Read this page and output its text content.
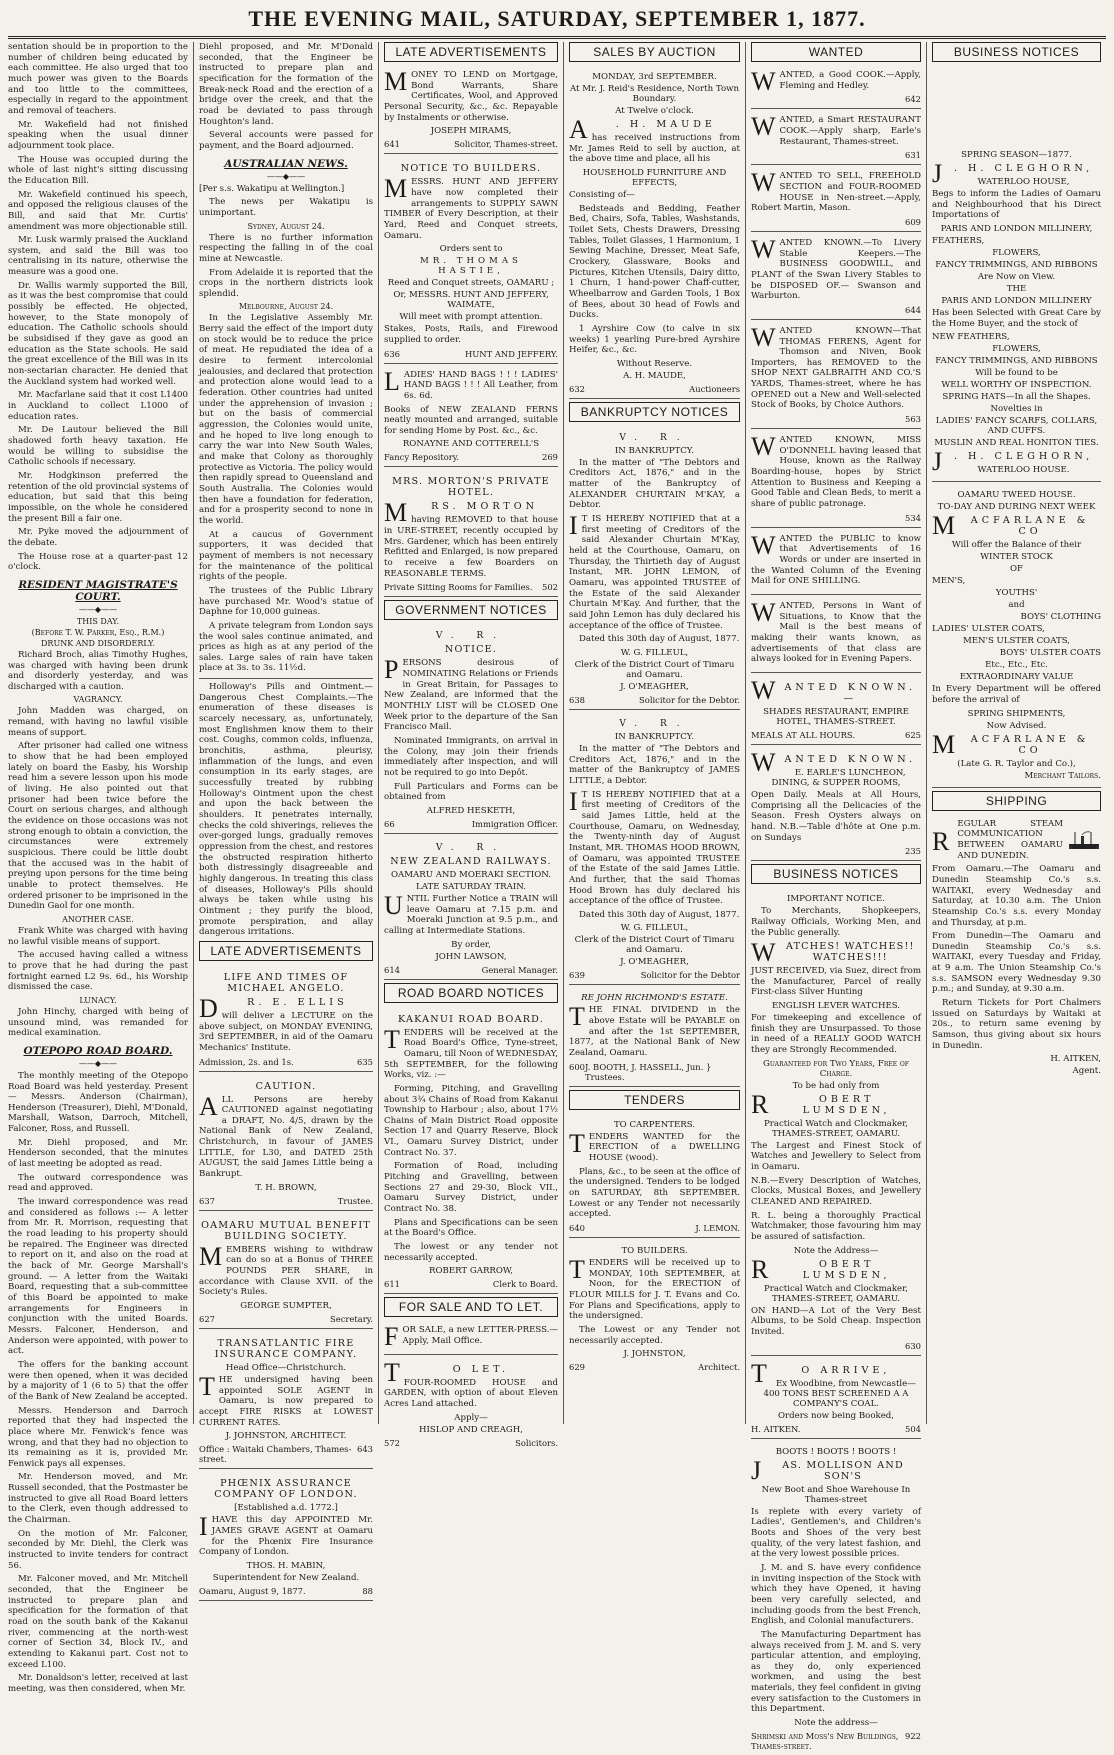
THE EVENING MAIL, SATURDAY, SEPTEMBER 1, 1877.

sentation should be in proportion to the number of children being educated by each committee. He also urged that too much power was given to the Boards and too little to the committees, especially in regard to the appointment and removal of teachers.

Mr. Wakefield had not finished speaking when the usual dinner adjournment took place.

The House was occupied during the whole of last night's sitting discussing the Education Bill.

Mr. Wakefield continued his speech, and opposed the religious clauses of the Bill, and said that Mr. Curtis' amendment was more objectionable still.

Mr. Lusk warmly praised the Auckland system, and said the Bill was too centralising in its nature, otherwise the measure was a good one.

Dr. Wallis warmly supported the Bill, as it was the best compromise that could possibly be effected. He objected, however, to the State monopoly of education. The Catholic schools should be subsidised if they gave as good an education as the State schools. He said the great excellence of the Bill was in its non-sectarian character. He denied that the Auckland system had worked well.

Mr. Macfarlane said that it cost L1400 in Auckland to collect L1000 of education rates.

Mr. De Lautour believed the Bill shadowed forth heavy taxation. He would be willing to subsidise the Catholic schools if necessary.

Mr. Hodgkinson preferred the retention of the old provincial systems of education, but said that this being impossible, on the whole he considered the present Bill a fair one.

Mr. Pyke moved the adjournment of the debate.

The House rose at a quarter-past 12 o'clock.

RESIDENT MAGISTRATE'S COURT.
——◆——
THIS DAY.
(Before T. W. Parker, Esq., R.M.)
DRUNK AND DISORDERLY.

Richard Broch, alias Timothy Hughes, was charged with having been drunk and disorderly yesterday, and was discharged with a caution.

VAGRANCY.

John Madden was charged, on remand, with having no lawful visible means of support.

After prisoner had called one witness to show that he had been employed lately on board the Easby, his Worship read him a severe lesson upon his mode of living. He also pointed out that prisoner had been twice before the Court on serious charges, and although the evidence on those occasions was not strong enough to obtain a conviction, the circumstances were extremely suspicious. There could be little doubt that the accused was in the habit of preying upon persons for the time being unable to protect themselves. He ordered prisoner to be imprisoned in the Dunedin Gaol for one month.

ANOTHER CASE.

Frank White was charged with having no lawful visible means of support.

The accused having called a witness to prove that he had during the past fortnight earned L2 9s. 6d., his Worship dismissed the case.

LUNACY.

John Hinchy, charged with being of unsound mind, was remanded for medical examination.

OTEPOPO ROAD BOARD.
——◆——

The monthly meeting of the Otepopo Road Board was held yesterday. Present — Messrs. Anderson (Chairman), Henderson (Treasurer), Diehl, M'Donald, Marshall, Watson, Darroch, Mitchell, Falconer, Ross, and Russell.

Mr. Diehl proposed, and Mr. Henderson seconded, that the minutes of last meeting be adopted as read.

The outward correspondence was read and approved.

The inward correspondence was read and considered as follows :— A letter from Mr. R. Morrison, requesting that the road leading to his property should be repaired. The Engineer was directed to report on it, and also on the road at the back of Mr. George Marshall's ground. — A letter from the Waitaki Board, requesting that a sub-committee of this Board be appointed to make arrangements for Engineers in conjunction with the united Boards. Messrs. Falconer, Henderson, and Anderson were appointed, with power to act.

The offers for the banking account were then opened, when it was decided by a majority of 1 (6 to 5) that the offer of the Bank of New Zealand be accepted.

Messrs. Henderson and Darroch reported that they had inspected the place where Mr. Fenwick's fence was wrong, and that they had no objection to its remaining as it is, provided Mr. Fenwick pays all expenses.

Mr. Henderson moved, and Mr. Russell seconded, that the Postmaster be instructed to give all Road Board letters to the Clerk, even though addressed to the Chairman.

On the motion of Mr. Falconer, seconded by Mr. Diehl, the Clerk was instructed to invite tenders for contract 56.

Mr. Falconer moved, and Mr. Mitchell seconded, that the Engineer be instructed to prepare plan and specification for the formation of that road on the south bank of the Kakanui river, commencing at the north-west corner of Section 34, Block IV., and extending to Kakanui part. Cost not to exceed L100.

Mr. Donaldson's letter, received at last meeting, was then considered, when Mr.

Diehl proposed, and Mr. M'Donald seconded, that the Engineer be instructed to prepare plan and specification for the formation of the Break-neck Road and the erection of a bridge over the creek, and that the road be deviated to pass through Houghton's land.

Several accounts were passed for payment, and the Board adjourned.

AUSTRALIAN NEWS.
——◆——

[Per s.s. Wakatipu at Wellington.]

The news per Wakatipu is unimportant.

Sydney, August 24.

There is no further information respecting the falling in of the coal mine at Newcastle.

From Adelaide it is reported that the crops in the northern districts look splendid.

Melbourne, August 24.

In the Legislative Assembly Mr. Berry said the effect of the import duty on stock would be to reduce the price of meat. He repudiated the idea of a desire to ferment intercolonial jealousies, and declared that protection and protection alone would lead to a federation. Other countries had united under the apprehension of invasion ; but on the basis of commercial aggression, the Colonies would unite, and he hoped to live long enough to carry the war into New South Wales, and make that Colony as thoroughly protective as Victoria. The policy would then rapidly spread to Queensland and South Australia. The Colonies would then have a foundation for federation, and for a prosperity second to none in the world.

At a caucus of Government supporters, it was decided that payment of members is not necessary for the maintenance of the political rights of the people.

The trustees of the Public Library have purchased Mr. Wood's statue of Daphne for 10,000 guineas.

A private telegram from London says the wool sales continue animated, and prices as high as at any period of the sales. Large sales of rain have taken place at 3s. to 3s. 11½d.

Holloway's Pills and Ointment.—Dangerous Chest Complaints.—The enumeration of these diseases is scarcely necessary, as, unfortunately, most Englishmen know them to their cost. Coughs, common colds, influenza, bronchitis, asthma, pleurisy, inflammation of the lungs, and even consumption in its early stages, are successfully treated by rubbing Holloway's Ointment upon the chest and upon the back between the shoulders. It penetrates internally, checks the cold shiverings, relieves the over-gorged lungs, gradually removes oppression from the chest, and restores the obstructed respiration hitherto both distressingly disagreeable and highly dangerous. In treating this class of diseases, Holloway's Pills should always be taken while using his Ointment ; they purify the blood, promote perspiration, and allay dangerous irritations.

LATE ADVERTISEMENTS
LIFE AND TIMES OF MICHAEL ANGELO.
D	R. E. ELLIS

will deliver a LECTURE on the above subject, on MONDAY EVENING, 3rd SEPTEMBER, in aid of the Oamaru Mechanics' Institute.

Admission, 2s. and 1s.	635
CAUTION.
A LL Persons are hereby CAUTIONED against negotiating a DRAFT, No. 4/5, drawn by the National Bank of New Zealand, Christchurch, in favour of JAMES LITTLE, for L30, and DATED 25th AUGUST, the said James Little being a Bankrupt.

T. H. BROWN,
637	Trustee.
OAMARU MUTUAL BENEFIT BUILDING SOCIETY.
M EMBERS wishing to withdraw can do so at a Bonus of THREE POUNDS PER SHARE, in accordance with Clause XVII. of the Society's Rules.

GEORGE SUMPTER,
627	Secretary.
TRANSATLANTIC FIRE INSURANCE COMPANY.
Head Office—Christchurch.
T HE undersigned having been appointed SOLE AGENT in Oamaru, is now prepared to accept FIRE RISKS at LOWEST CURRENT RATES.

J. JOHNSTON, ARCHITECT.
Office : Waitaki Chambers, Thames-street.
643
PHŒNIX ASSURANCE COMPANY OF LONDON.
[Established a.d. 1772.]
I HAVE this day APPOINTED Mr. JAMES GRAVE AGENT at Oamaru for the Phœnix Fire Insurance Company of London.

THOS. H. MABIN,
Superintendent for New Zealand.
Oamaru, August 9, 1877.	88
LATE ADVERTISEMENTS
M ONEY TO LEND on Mortgage, Bond Warrants, Share Certificates, Wool, and Approved Personal Security, &c., &c. Repayable by Instalments or otherwise.

JOSEPH MIRAMS,
641	Solicitor, Thames-street.
NOTICE TO BUILDERS.
M ESSRS. HUNT AND JEFFERY have now completed their arrangements to SUPPLY SAWN TIMBER of Every Description, at their Yard, Reed and Conquet streets, Oamaru.

Orders sent to
MR. THOMAS HASTIE,
Reed and Conquet streets, OAMARU ;
Or, MESSRS. HUNT AND JEFFERY, WAIMATE,
Will meet with prompt attention.

Stakes, Posts, Rails, and Firewood supplied to order.

636	HUNT AND JEFFERY.
L ADIES' HAND BAGS ! ! ! LADIES' HAND BAGS ! ! ! All Leather, from 6s. 6d.

Books of NEW ZEALAND FERNS neatly mounted and arranged, suitable for sending Home by Post. &c., &c.

RONAYNE AND COTTERELL'S
Fancy Repository.	269
MRS. MORTON'S PRIVATE HOTEL.
M	RS. MORTON

having REMOVED to that house in URE-STREET, recently occupied by Mrs. Gardener, which has been entirely Refitted and Enlarged, is now prepared to receive a few Boarders on REASONABLE TERMS.

Private Sitting Rooms for Families. 502
GOVERNMENT NOTICES
V. R.
NOTICE.
P ERSONS desirous of NOMINATING Relations or Friends in Great Britain, for Passages to New Zealand, are informed that the MONTHLY LIST will be CLOSED One Week prior to the departure of the San Francisco Mail.

Nominated Immigrants, on arrival in the Colony, may join their friends immediately after inspection, and will not be required to go into Depôt.

Full Particulars and Forms can be obtained from

ALFRED HESKETH,
66	Immigration Officer.
V. R.
NEW ZEALAND RAILWAYS.
OAMARU AND MOERAKI SECTION.
LATE SATURDAY TRAIN.
U NTIL Further Notice a TRAIN will leave Oamaru at 7.15 p.m. and Moeraki Junction at 9.5 p.m., and calling at Intermediate Stations.

By order,
JOHN LAWSON,
614	General Manager.
ROAD BOARD NOTICES
KAKANUI ROAD BOARD.
T ENDERS will be received at the Road Board's Office, Tyne-street, Oamaru, till Noon of WEDNESDAY, 5th SEPTEMBER, for the following Works, viz. :—

Forming, Pitching, and Gravelling about 3¾ Chains of Road from Kakanui Township to Harbour ; also, about 17½ Chains of Main District Road opposite Section 17 and Quarry Reserve, Block VI., Oamaru Survey District, under Contract No. 37.

Formation of Road, including Pitching and Gravelling, between Sections 27 and 29-30, Block VII., Oamaru Survey District, under Contract No. 38.

Plans and Specifications can be seen at the Board's Office.

The lowest or any tender not necessarily accepted.

ROBERT GARROW,
611	Clerk to Board.
FOR SALE AND TO LET.
F OR SALE, a new LETTER-PRESS.— Apply, Mail Office.

T	O LET.

FOUR-ROOMED HOUSE and GARDEN, with option of about Eleven Acres Land attached.

Apply—
HISLOP AND CREAGH,
572	Solicitors.
SALES BY AUCTION
MONDAY, 3rd SEPTEMBER.
At Mr. J. Reid's Residence, North Town Boundary.
At Twelve o'clock.
A	. H. MAUDE

has received instructions from Mr. James Reid to sell by auction, at the above time and place, all his

HOUSEHOLD FURNITURE AND EFFECTS,

Consisting of—

Bedsteads and Bedding, Feather Bed, Chairs, Sofa, Tables, Washstands, Toilet Sets, Chests Drawers, Dressing Tables, Toilet Glasses, 1 Harmonium, 1 Sewing Machine, Dresser, Meat Safe, Crockery, Glassware, Books and Pictures, Kitchen Utensils, Dairy ditto, 1 Churn, 1 hand-power Chaff-cutter, Wheelbarrow and Garden Tools, 1 Box of Bees, about 30 head of Fowls and Ducks.

1 Ayrshire Cow (to calve in six weeks) 1 yearling Pure-bred Ayrshire Heifer, &c., &c.

Without Reserve.
A. H. MAUDE,
632	Auctioneers
BANKRUPTCY NOTICES
V. R.
IN BANKRUPTCY.

In the matter of "The Debtors and Creditors Act, 1876," and in the matter of the Bankruptcy of ALEXANDER CHURTAIN M'KAY, a Debtor.

I T IS HEREBY NOTIFIED that at a first meeting of Creditors of the said Alexander Churtain M'Kay, held at the Courthouse, Oamaru, on Thursday, the Thirtieth day of August Instant, MR. JOHN LEMON, of Oamaru, was appointed TRUSTEE of the Estate of the said Alexander Churtain M'Kay. And further, that the said John Lemon has duly declared his acceptance of the office of Trustee.

Dated this 30th day of August, 1877.

W. G. FILLEUL,
Clerk of the District Court of Timaru and Oamaru.
J. O'MEAGHER,
638	Solicitor for the Debtor.
V. R.
IN BANKRUPTCY.

In the matter of "The Debtors and Creditors Act, 1876," and in the matter of the Bankruptcy of JAMES LITTLE, a Debtor.

I T IS HEREBY NOTIFIED that at a first meeting of Creditors of the said James Little, held at the Courthouse, Oamaru, on Wednesday, the Twenty-ninth day of August Instant, MR. THOMAS HOOD BROWN, of Oamaru, was appointed TRUSTEE of the Estate of the said James Little. And further, that the said Thomas Hood Brown has duly declared his acceptance of the office of Trustee.

Dated this 30th day of August, 1877.

W. G. FILLEUL,
Clerk of the District Court of Timaru and Oamaru.
J. O'MEAGHER,
639	Solicitor for the Debtor
RE JOHN RICHMOND'S ESTATE.
T HE FINAL DIVIDEND in the above Estate will be PAYABLE on and after the 1st SEPTEMBER, 1877, at the National Bank of New Zealand, Oamaru.

600 J. BOOTH, J. HASSELL, Jun. } Trustees.
TENDERS
TO CARPENTERS.
T ENDERS WANTED for the ERECTION of a DWELLING HOUSE (wood).

Plans, &c., to be seen at the office of the undersigned. Tenders to be lodged on SATURDAY, 8th SEPTEMBER. Lowest or any Tender not necessarily accepted.

640	J. LEMON.
TO BUILDERS.
T ENDERS will be received up to MONDAY, 10th SEPTEMBER, at Noon, for the ERECTION of FLOUR MILLS for J. T. Evans and Co. For Plans and Specifications, apply to the undersigned.

The Lowest or any Tender not necessarily accepted.

J. JOHNSTON,
629	Architect.
WANTED
W ANTED, a Good COOK.—Apply, Fleming and Hedley.

642
W ANTED, a Smart RESTAURANT COOK.—Apply sharp, Earle's Restaurant, Thames-street.

631
W ANTED TO SELL, FREEHOLD SECTION and FOUR-ROOMED HOUSE in Nen-street.—Apply, Robert Martin, Mason.

609
W ANTED KNOWN.—To Livery Stable Keepers.—The BUSINESS GOODWILL, and PLANT of the Swan Livery Stables to be DISPOSED OF.— Swanson and Warburton.

644
W ANTED KNOWN—That THOMAS FERENS, Agent for Thomson and Niven, Book Importers, has REMOVED to the SHOP NEXT GALBRAITH AND CO.'S YARDS, Thames-street, where he has OPENED out a New and Well-selected Stock of Books, by Choice Authors.

563
W ANTED KNOWN, MISS O'DONNELL having leased that House, known as the Railway Boarding-house, hopes by Strict Attention to Business and Keeping a Good Table and Clean Beds, to merit a share of public patronage.

534
W ANTED the PUBLIC to know that Advertisements of 16 Words or under are inserted in the Wanted Column of the Evening Mail for ONE SHILLING.

W ANTED, Persons in Want of Situations, to Know that the Mail is the best means of making their wants known, as advertisements of that class are always looked for in Evening Papers.

W ANTED KNOWN.—
SHADES RESTAURANT, EMPIRE HOTEL, THAMES-STREET.
MEALS AT ALL HOURS.	625
W ANTED KNOWN.
E. EARLE'S LUNCHEON, DINING, & SUPPER ROOMS,

Open Daily. Meals at All Hours, Comprising all the Delicacies of the Season. Fresh Oysters always on hand. N.B.—Table d'hôte at One p.m. on Sundays

235
BUSINESS NOTICES
IMPORTANT NOTICE.

To Merchants, Shopkeepers, Railway Officials, Working Men, and the Public generally.

W	ATCHES! WATCHES!! WATCHES!!!

JUST RECEIVED, via Suez, direct from the Manufacturer, Parcel of really First-class Silver Hunting

ENGLISH LEVER WATCHES.

For timekeeping and excellence of finish they are Unsurpassed. To those in need of a REALLY GOOD WATCH they are Strongly Recommended.

Guaranteed for Two Years, Free of Charge.
To be had only from
R	OBERT LUMSDEN,
Practical Watch and Clockmaker, THAMES-STREET, OAMARU.

The Largest and Finest Stock of Watches and Jewellery to Select from in Oamaru.

N.B.—Every Description of Watches, Clocks, Musical Boxes, and Jewellery CLEANED AND REPAIRED.

R. L. being a thoroughly Practical Watchmaker, those favouring him may be assured of satisfaction.

Note the Address—
R	OBERT LUMSDEN,
Practical Watch and Clockmaker, THAMES-STREET, OAMARU.

ON HAND—A Lot of the Very Best Albums, to be Sold Cheap. Inspection Invited.

630
T	O ARRIVE,
Ex Woodbine, from Newcastle— 400 TONS BEST SCREENED A A COMPANY'S COAL.
Orders now being Booked,
H. AITKEN.	504
BOOTS ! BOOTS ! BOOTS !
J	AS. MOLLISON AND SON'S
New Boot and Shoe Warehouse In Thames-street

Is replete with every variety of Ladies', Gentlemen's, and Children's Boots and Shoes of the very best quality, of the very latest fashion, and at the very lowest possible prices.

J. M. and S. have every confidence in inviting inspection of the Stock with which they have Opened, it having been very carefully selected, and including goods from the best French, English, and Colonial manufacturers.

The Manufacturing Department has always received from J. M. and S. very particular attention, and employing, as they do, only experienced workmen, and using the best materials, they feel confident in giving every satisfaction to the Customers in this Department.

Note the address—
Shrimski and Moss's New Buildings, Thames-street.
922
BUSINESS NOTICES
SPRING SEASON—1877.
J	. H. CLEGHORN,
WATERLOO HOUSE,

Begs to inform the Ladies of Oamaru and Neighbourhood that his Direct Importations of

PARIS AND LONDON MILLINERY,
FEATHERS,
FLOWERS,
FANCY TRIMMINGS, AND RIBBONS
Are Now on View.
THE
PARIS AND LONDON MILLINERY

Has been Selected with Great Care by the Home Buyer, and the stock of

NEW FEATHERS,
FLOWERS,
FANCY TRIMMINGS, AND RIBBONS
Will be found to be
WELL WORTHY OF INSPECTION.
SPRING HATS—In all the Shapes.
Novelties in
LADIES' FANCY SCARFS, COLLARS, AND CUFFS.
MUSLIN AND REAL HONITON TIES.
J	. H. CLEGHORN,
WATERLOO HOUSE.
OAMARU TWEED HOUSE.
TO-DAY AND DURING NEXT WEEK
M	ACFARLANE & CO
Will offer the Balance of their
WINTER STOCK
OF
MEN'S,
YOUTHS'
and
BOYS' CLOTHING
LADIES' ULSTER COATS,
MEN'S ULSTER COATS,
BOYS' ULSTER COATS
Etc., Etc., Etc.
EXTRAORDINARY VALUE

In Every Department will be offered before the arrival of

SPRING SHIPMENTS,
Now Advised.
M	ACFARLANE & CO
(Late G. R. Taylor and Co.),
Merchant Tailors.
SHIPPING
R

EGULAR STEAM COMMUNICATION BETWEEN OAMARU AND DUNEDIN.

From Oamaru.—The Oamaru and Dunedin Steamship Co.'s s.s. WAITAKI, every Wednesday and Saturday, at 10.30 a.m. The Union Steamship Co.'s s.s. every Monday and Thursday, at p.m.

From Dunedin—The Oamaru and Dunedin Steamship Co.'s s.s. WAITAKI, every Tuesday and Friday, at 9 a.m. The Union Steamship Co.'s s.s. SAMSON every Wednesday 9.30 p.m.; and Sunday, at 9.30 a.m.

Return Tickets for Port Chalmers issued on Saturdays by Waitaki at 20s., to return same evening by Samson, thus giving about six hours in Dunedin.

H. AITKEN,
Agent.
